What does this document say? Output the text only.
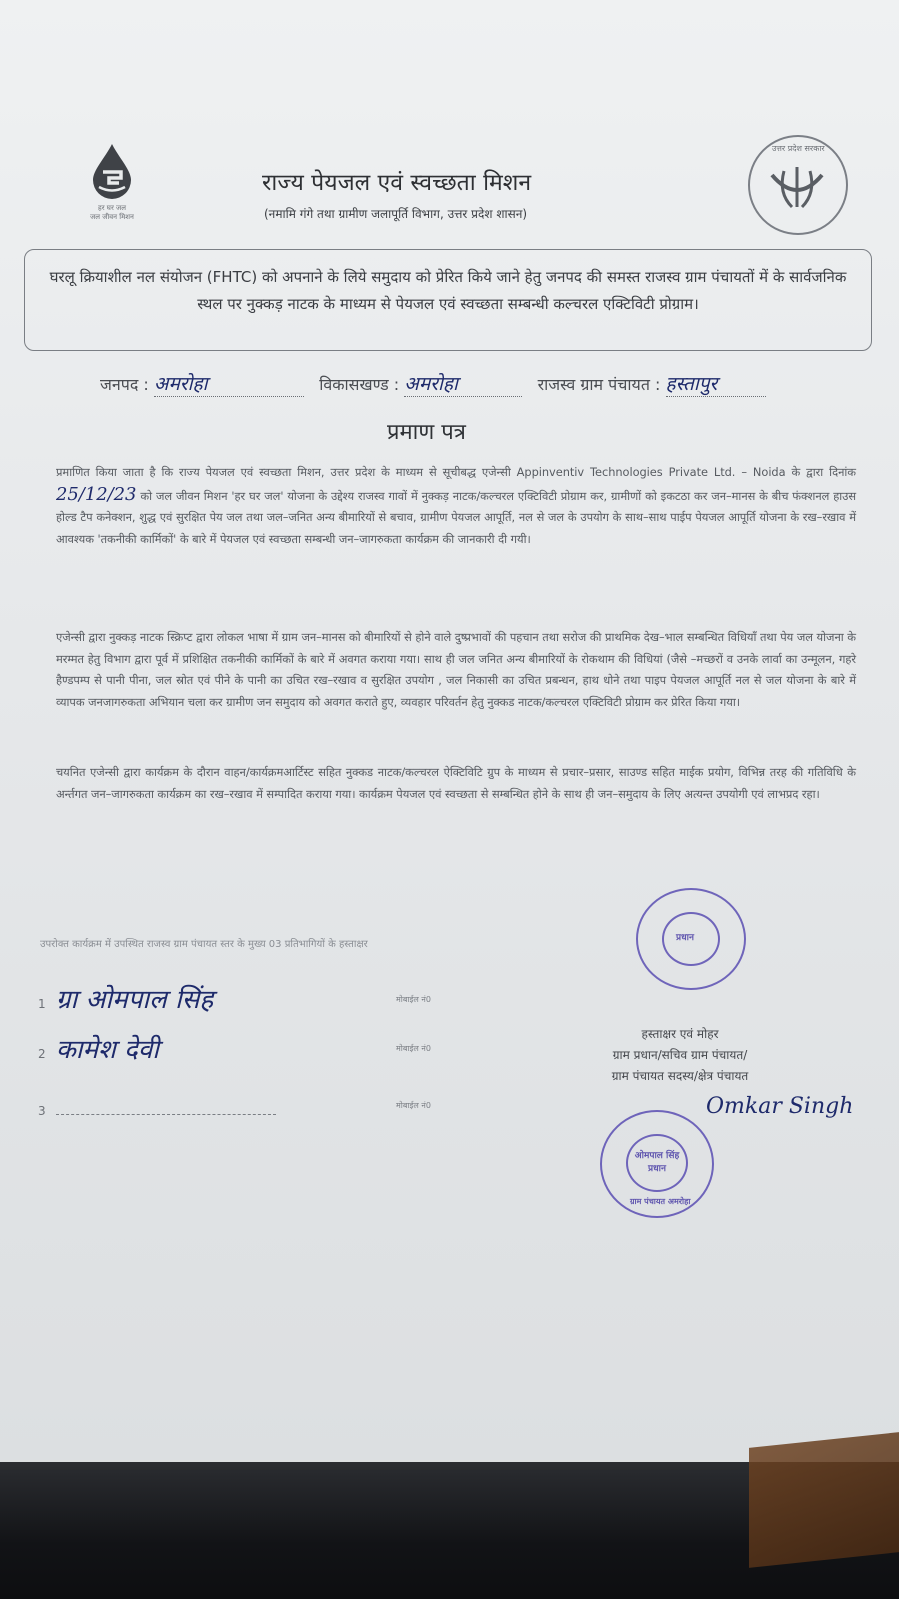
हर घर जल
जल जीवन मिशन
उत्तर प्रदेश सरकार
राज्य पेयजल एवं स्वच्छता मिशन
(नमामि गंगे तथा ग्रामीण जलापूर्ति विभाग, उत्तर प्रदेश शासन)
घरलू क्रियाशील नल संयोजन (FHTC) को अपनाने के लिये समुदाय को प्रेरित किये जाने हेतु जनपद की समस्त राजस्व ग्राम पंचायतों में के सार्वजनिक स्थल पर नुक्कड़ नाटक के माध्यम से पेयजल एवं स्वच्छता सम्बन्धी कल्चरल एक्टिविटी प्रोग्राम।
जनपद : अमरोहा	विकासखण्ड : अमरोहा	राजस्व ग्राम पंचायत : हस्तापुर
प्रमाण पत्र
प्रमाणित किया जाता है कि राज्य पेयजल एवं स्वच्छता मिशन, उत्तर प्रदेश के माध्यम से सूचीबद्ध एजेन्सी Appinventiv Technologies Private Ltd. – Noida के द्वारा दिनांक 25/12/23 को जल जीवन मिशन 'हर घर जल' योजना के उद्देश्य राजस्व गावों में नुक्कड़ नाटक/कल्चरल एक्टिविटी प्रोग्राम कर, ग्रामीणों को इकटठा कर जन–मानस के बीच फंक्शनल हाउस होल्ड टैप कनेक्शन, शुद्ध एवं सुरक्षित पेय जल तथा जल–जनित अन्य बीमारियों से बचाव, ग्रामीण पेयजल आपूर्ति, नल से जल के उपयोग के साथ–साथ पाईप पेयजल आपूर्ति योजना के रख–रखाव में आवश्यक 'तकनीकी कार्मिकों' के बारे में पेयजल एवं स्वच्छता सम्बन्धी जन–जागरुकता कार्यक्रम की जानकारी दी गयी।
एजेन्सी द्वारा नुक्कड़ नाटक स्क्रिप्ट द्वारा लोकल भाषा में ग्राम जन–मानस को बीमारियों से होने वाले दुष्प्रभावों की पहचान तथा सरोज की प्राथमिक देख–भाल सम्बन्धित विधियाँ तथा पेय जल योजना के मरम्मत हेतु विभाग द्वारा पूर्व में प्रशिक्षित तकनीकी कार्मिकों के बारे में अवगत कराया गया। साथ ही जल जनित अन्य बीमारियों के रोकथाम की विधियां (जैसे –मच्छरों व उनके लार्वा का उन्मूलन, गहरे हैण्डपम्प से पानी पीना, जल स्रोत एवं पीने के पानी का उचित रख–रखाव व सुरक्षित उपयोग , जल निकासी का उचित प्रबन्धन, हाथ धोने तथा पाइप पेयजल आपूर्ति नल से जल योजना के बारे में व्यापक जनजागरुकता अभियान चला कर ग्रामीण जन समुदाय को अवगत कराते हुए, व्यवहार परिवर्तन हेतु नुक्कड नाटक/कल्चरल एक्टिविटी प्रोग्राम कर प्रेरित किया गया।
चयनित एजेन्सी द्वारा कार्यक्रम के दौरान वाहन/कार्यक्रमआर्टिस्ट सहित नुक्कड नाटक/कल्चरल ऐक्टिविटि ग्रुप के माध्यम से प्रचार–प्रसार, साउण्ड सहित माईक प्रयोग, विभिन्न तरह की गतिविधि के अर्न्तगत जन–जागरुकता कार्यक्रम का रख–रखाव में सम्पादित कराया गया। कार्यक्रम पेयजल एवं स्वच्छता से सम्बन्धित होने के साथ ही जन–समुदाय के लिए अत्यन्त उपयोगी एवं लाभप्रद रहा।
उपरोक्त कार्यक्रम में उपस्थित राजस्व ग्राम पंचायत स्तर के मुख्य 03 प्रतिभागियों के हस्ताक्षर
1 ग्रा ओमपाल सिंह	मोबाईल नं0
2 कामेश देवी	मोबाईल नं0
3	मोबाईल नं0
प्रधान
हस्ताक्षर एवं मोहर
ग्राम प्रधान/सचिव ग्राम पंचायत/
ग्राम पंचायत सदस्य/क्षेत्र पंचायत
Omkar Singh
ओमपाल सिंह
प्रधान
ग्राम पंचायत अमरोहा
